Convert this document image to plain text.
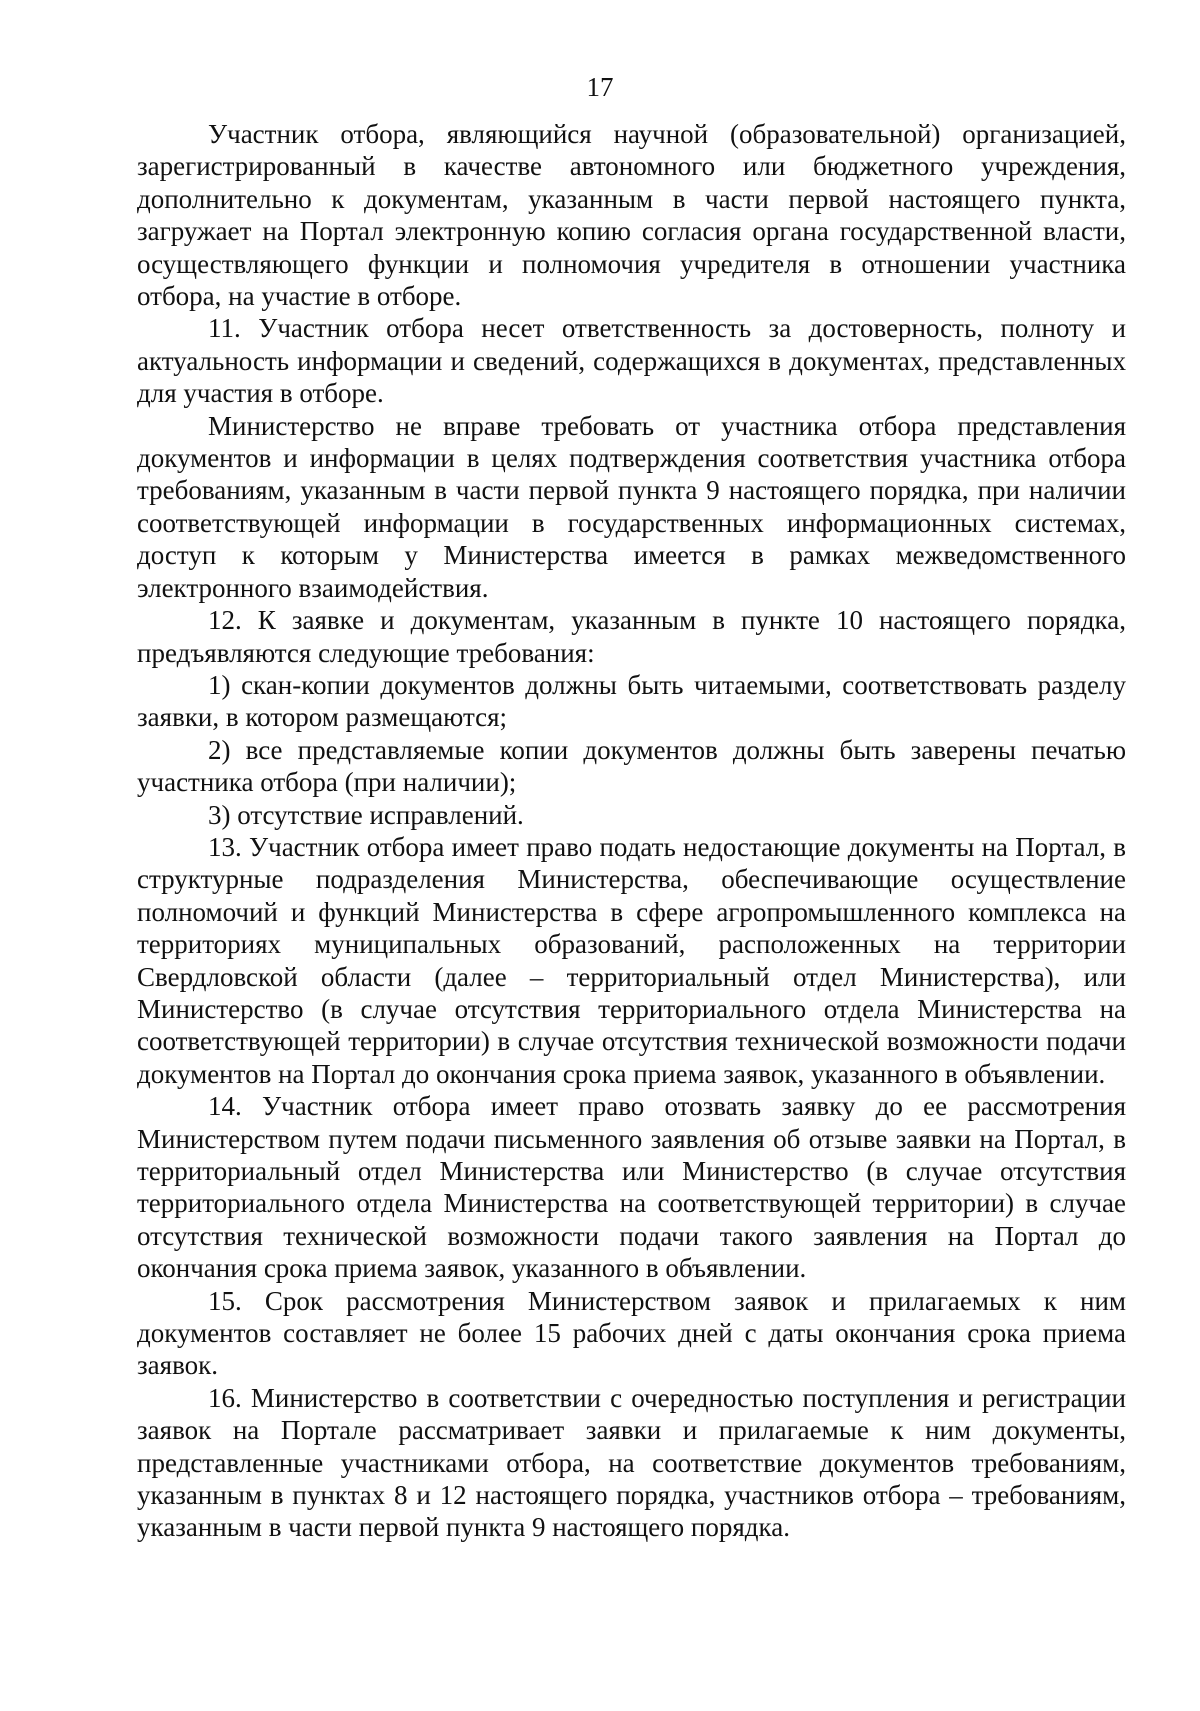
17

Участник отбора, являющийся научной (образовательной) организацией, зарегистрированный в качестве автономного или бюджетного учреждения, дополнительно к документам, указанным в части первой настоящего пункта, загружает на Портал электронную копию согласия органа государственной власти, осуществляющего функции и полномочия учредителя в отношении участника отбора, на участие в отборе.

11. Участник отбора несет ответственность за достоверность, полноту и актуальность информации и сведений, содержащихся в документах, представленных для участия в отборе.

Министерство не вправе требовать от участника отбора представления документов и информации в целях подтверждения соответствия участника отбора требованиям, указанным в части первой пункта 9 настоящего порядка, при наличии соответствующей информации в государственных информационных системах, доступ к которым у Министерства имеется в рамках межведомственного электронного взаимодействия.

12. К заявке и документам, указанным в пункте 10 настоящего порядка, предъявляются следующие требования:

1) скан-копии документов должны быть читаемыми, соответствовать разделу заявки, в котором размещаются;

2) все представляемые копии документов должны быть заверены печатью участника отбора (при наличии);

3) отсутствие исправлений.

13. Участник отбора имеет право подать недостающие документы на Портал, в структурные подразделения Министерства, обеспечивающие осуществление полномочий и функций Министерства в сфере агропромышленного комплекса на территориях муниципальных образований, расположенных на территории Свердловской области (далее – территориальный отдел Министерства), или Министерство (в случае отсутствия территориального отдела Министерства на соответствующей территории) в случае отсутствия технической возможности подачи документов на Портал до окончания срока приема заявок, указанного в объявлении.

14. Участник отбора имеет право отозвать заявку до ее рассмотрения Министерством путем подачи письменного заявления об отзыве заявки на Портал, в территориальный отдел Министерства или Министерство (в случае отсутствия территориального отдела Министерства на соответствующей территории) в случае отсутствия технической возможности подачи такого заявления на Портал до окончания срока приема заявок, указанного в объявлении.

15. Срок рассмотрения Министерством заявок и прилагаемых к ним документов составляет не более 15 рабочих дней с даты окончания срока приема заявок.

16. Министерство в соответствии с очередностью поступления и регистрации заявок на Портале рассматривает заявки и прилагаемые к ним документы, представленные участниками отбора, на соответствие документов требованиям, указанным в пунктах 8 и 12 настоящего порядка, участников отбора – требованиям, указанным в части первой пункта 9 настоящего порядка.
